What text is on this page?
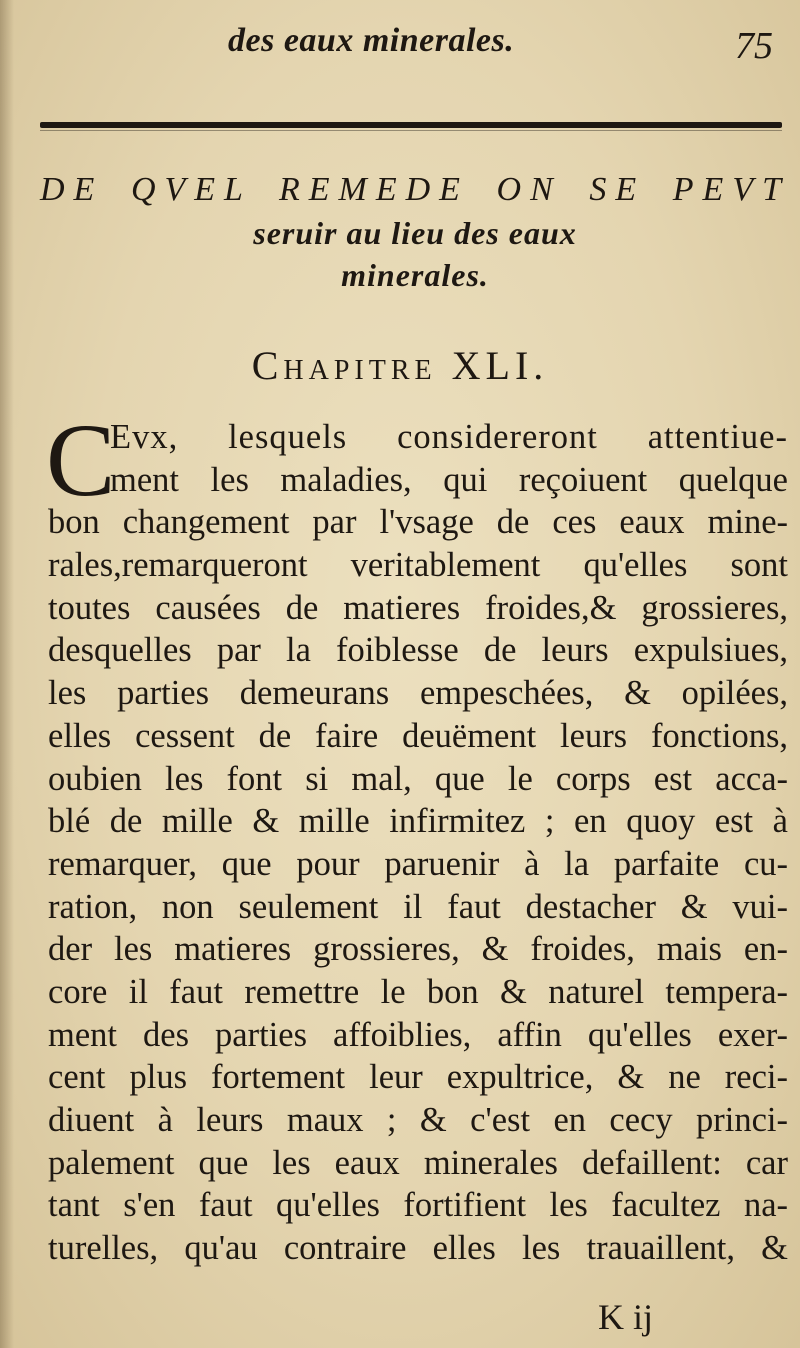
des eaux minerales.	75
DE QVEL REMEDE ON SE PEVT
seruir au lieu des eaux
minerales.
Chapitre XLI.
C
Evx, lesquels considereront attentiue-
ment les maladies, qui reçoiuent quelque
bon changement par l'vsage de ces eaux mine-
rales,remarqueront veritablement qu'elles sont
toutes causées de matieres froides,& grossieres,
desquelles par la foiblesse de leurs expulsiues,
les parties demeurans empeschées, & opilées,
elles cessent de faire deuëment leurs fonctions,
oubien les font si mal, que le corps est acca-
blé de mille & mille infirmitez ; en quoy est à
remarquer, que pour paruenir à la parfaite cu-
ration, non seulement il faut destacher & vui-
der les matieres grossieres, & froides, mais en-
core il faut remettre le bon & naturel tempera-
ment des parties affoiblies, affin qu'elles exer-
cent plus fortement leur expultrice, & ne reci-
diuent à leurs maux ; & c'est en cecy princi-
palement que les eaux minerales defaillent: car
tant s'en faut qu'elles fortifient les facultez na-
turelles, qu'au contraire elles les trauaillent, &
K ij
